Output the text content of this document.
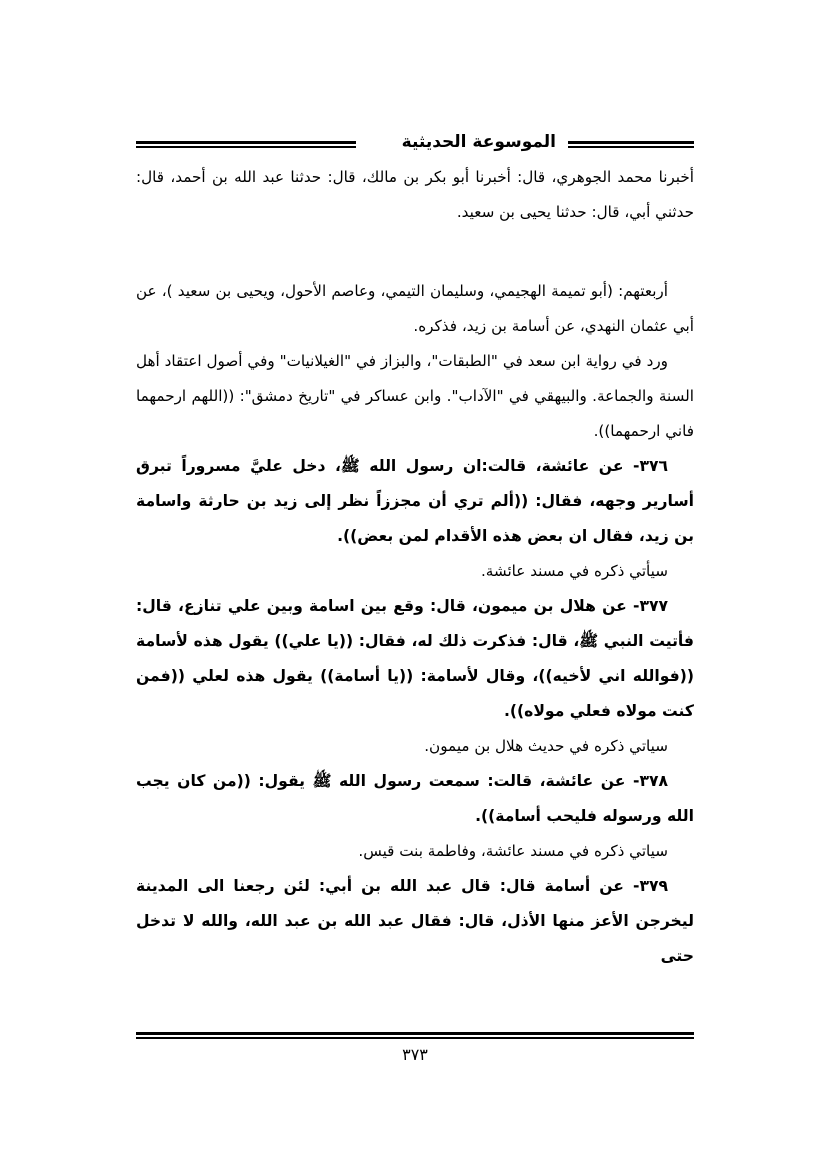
الموسوعة الحديثية

أخبرنا محمد الجوهري، قال: أخبرنا أبو بكر بن مالك، قال: حدثنا عبد الله بن أحمد، قال: حدثني أبي، قال: حدثنا يحيى بن سعيد.

أربعتهم: (أبو تميمة الهجيمي، وسليمان التيمي، وعاصم الأحول، ويحيى بن سعيد )، عن أبي عثمان النهدي، عن أسامة بن زيد، فذكره.

ورد في رواية ابن سعد في "الطبقات"، والبزاز في "الغيلانيات" وفي أصول اعتقاد أهل السنة والجماعة. والبيهقي في "الآداب". وابن عساكر في "تاريخ دمشق": ((اللهم ارحمهما فاني ارحمهما)).

٣٧٦- عن عائشة، قالت:ان رسول الله ﷺ، دخل عليَّ مسروراً تبرق أسارير وجهه، فقال: ((ألم تري أن مجززاً نظر إلى زيد بن حارثة واسامة بن زيد، فقال ان بعض هذه الأقدام لمن بعض)).

سيأتي ذكره في مسند عائشة.

٣٧٧- عن هلال بن ميمون، قال: وقع بين اسامة وبين علي تنازع، قال: فأتيت النبي ﷺ، قال: فذكرت ذلك له، فقال: ((يا علي)) يقول هذه لأسامة ((فوالله اني لأخيه))، وقال لأسامة: ((يا أسامة)) يقول هذه لعلي ((فمن كنت مولاه فعلي مولاه)).

سياتي ذكره في حديث هلال بن ميمون.

٣٧٨- عن عائشة، قالت: سمعت رسول الله ﷺ يقول: ((من كان يجب الله ورسوله فليحب أسامة)).

سياتي ذكره في مسند عائشة، وفاطمة بنت قيس.

٣٧٩- عن أسامة قال: قال عبد الله بن أبي: لئن رجعنا الى المدينة ليخرجن الأعز منها الأذل، قال: فقال عبد الله بن عبد الله، والله لا تدخل حتى

٣٧٣
